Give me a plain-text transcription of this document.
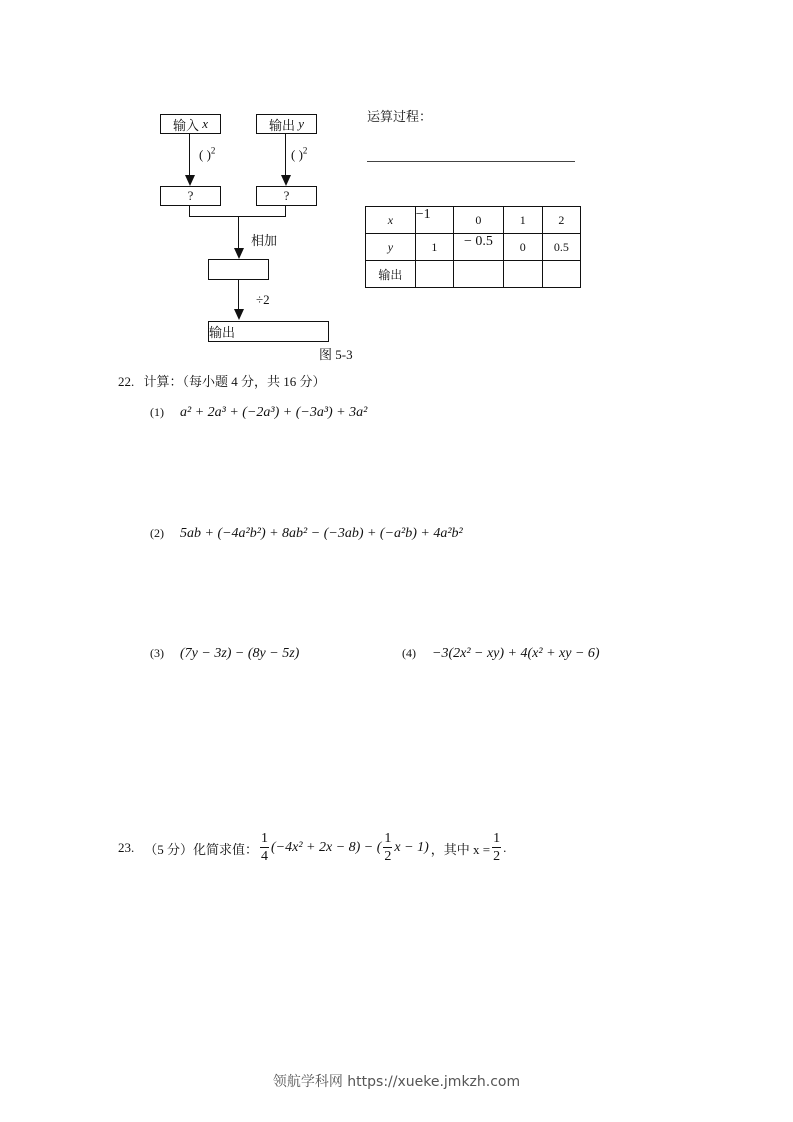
输入
x	输出
y
( )$^2$	( )$^2$
?	?
相加
÷2
输出
图 5-3
运算过程：
x	−1	0	1	2
y	1	− 0.5	0	0.5
输出				
22. 计算：（每小题 4 分，共 16 分）
(1) a² + 2a³ + (−2a³) + (−3a³) + 3a²
(2) 5ab + (−4a²b²) + 8ab² − (−3ab) + (−a²b) + 4a²b²
(3) (7y − 3z) − (8y − 5z)	(4) −3(2x² − xy) + 4(x² + xy − 6)
23. （5 分）化简求值： $\frac{1}{4} (-4x^2 + 2x - 8)$ − ( $\frac{1}{2}$ x − 1) ，其中 $x = \frac{1}{2}$ .
领航学科网 https://xueke.jmkzh.com
